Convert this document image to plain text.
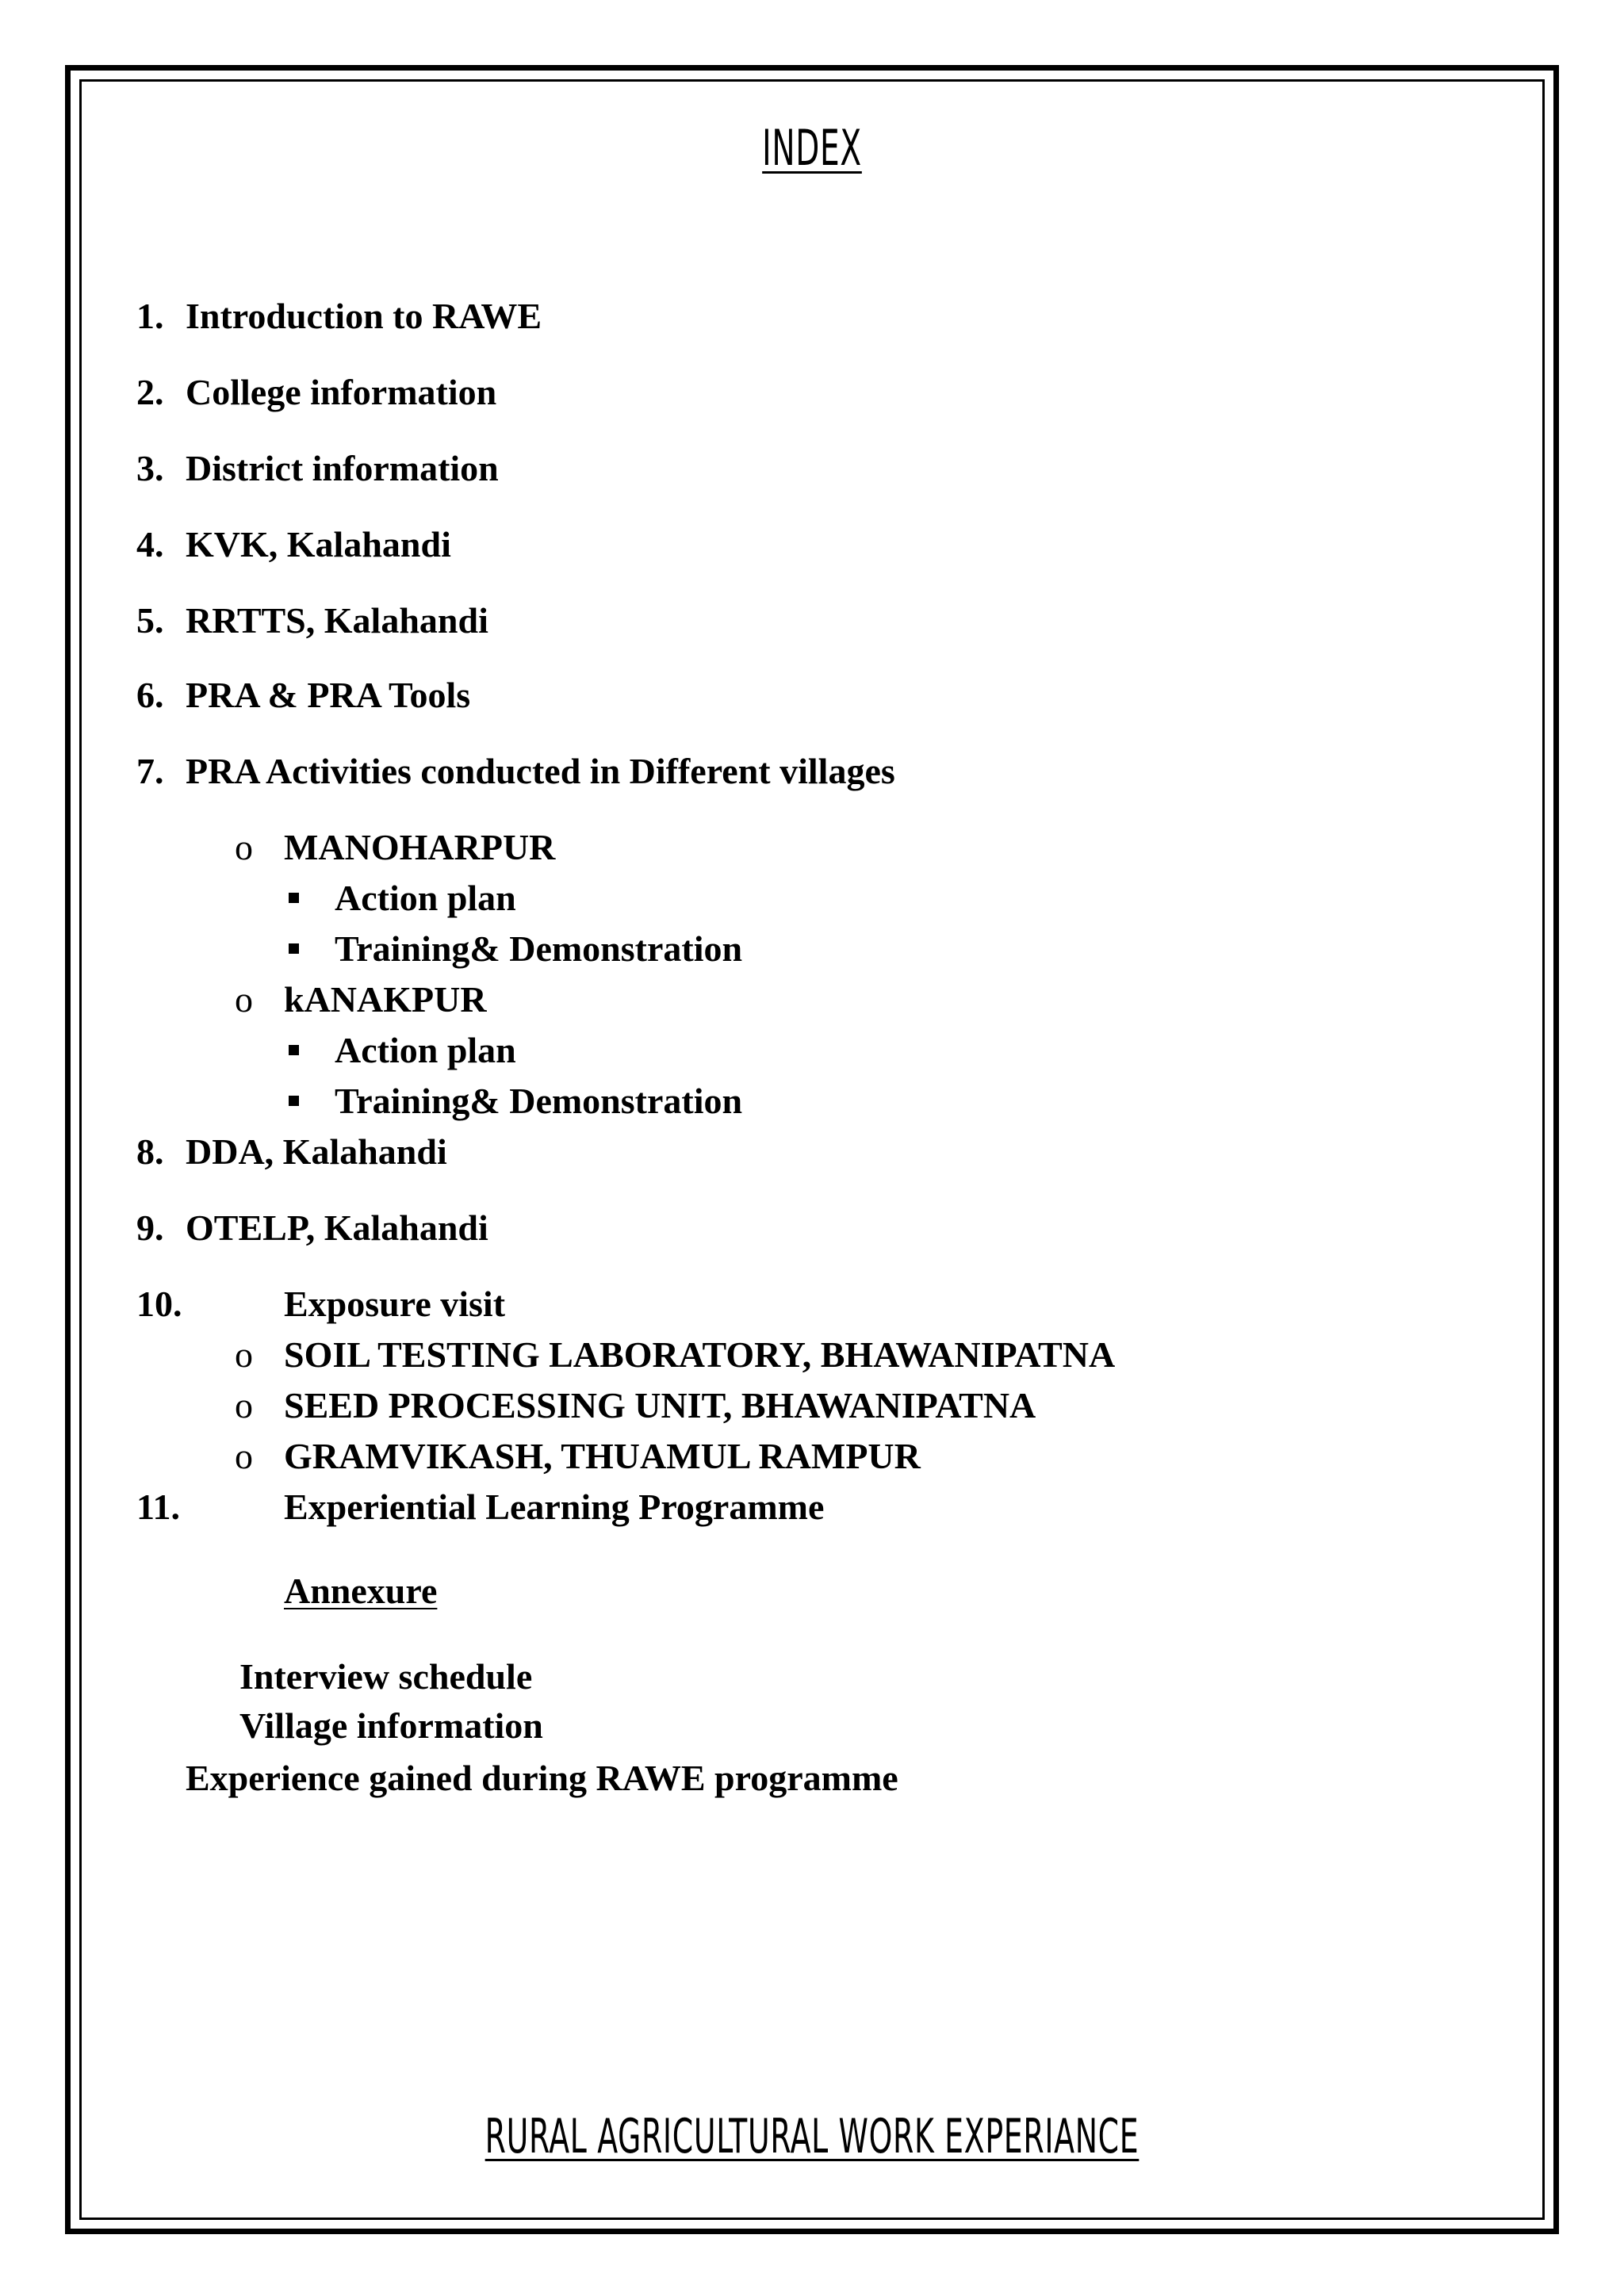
INDEX
1. Introduction to RAWE
2. College information
3. District information
4. KVK, Kalahandi
5. RRTTS, Kalahandi
6. PRA & PRA Tools
7. PRA Activities conducted in Different villages
o MANOHARPUR
Action plan
Training& Demonstration
o kANAKPUR
Action plan
Training& Demonstration
8. DDA, Kalahandi
9. OTELP, Kalahandi
10.	Exposure visit
o SOIL TESTING LABORATORY, BHAWANIPATNA
o SEED PROCESSING UNIT, BHAWANIPATNA
o GRAMVIKASH, THUAMUL RAMPUR
11.	Experiential Learning Programme
Annexure
Interview schedule
Village information
Experience gained during RAWE programme
RURAL AGRICULTURAL WORK EXPERIANCE
